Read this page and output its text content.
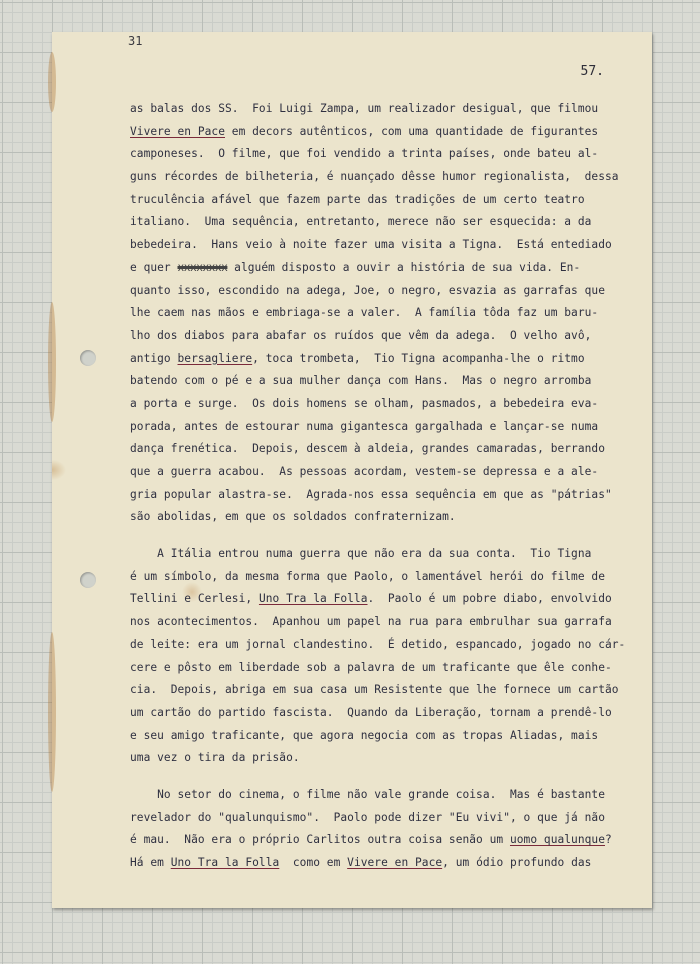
31
57.
as balas dos SS.  Foi Luigi Zampa, um realizador desigual, que filmou
Vivere en Pace em decors autênticos, com uma quantidade de figurantes
camponeses.  O filme, que foi vendido a trinta países, onde bateu al-
guns récordes de bilheteria, é nuançado dêsse humor regionalista,  dessa
truculência afável que fazem parte das tradições de um certo teatro
italiano.  Uma sequência, entretanto, merece não ser esquecida: a da
bebedeira.  Hans veio à noite fazer uma visita a Tigna.  Está entediado
e quer xxxxxxxx alguém disposto a ouvir a história de sua vida. En-
quanto isso, escondido na adega, Joe, o negro, esvazia as garrafas que
lhe caem nas mãos e embriaga-se a valer.  A família tôda faz um baru-
lho dos diabos para abafar os ruídos que vêm da adega.  O velho avô,
antigo bersagliere, toca trombeta,  Tio Tigna acompanha-lhe o ritmo
batendo com o pé e a sua mulher dança com Hans.  Mas o negro arromba
a porta e surge.  Os dois homens se olham, pasmados, a bebedeira eva-
porada, antes de estourar numa gigantesca gargalhada e lançar-se numa
dança frenética.  Depois, descem à aldeia, grandes camaradas, berrando
que a guerra acabou.  As pessoas acordam, vestem-se depressa e a ale-
gria popular alastra-se.  Agrada-nos essa sequência em que as "pátrias"
são abolidas, em que os soldados confraternizam.
A Itália entrou numa guerra que não era da sua conta.  Tio Tigna
é um símbolo, da mesma forma que Paolo, o lamentável herói do filme de
Tellini e Cerlesi, Uno Tra la Folla.  Paolo é um pobre diabo, envolvido
nos acontecimentos.  Apanhou um papel na rua para embrulhar sua garrafa
de leite: era um jornal clandestino.  É detido, espancado, jogado no cár-
cere e pôsto em liberdade sob a palavra de um traficante que êle conhe-
cia.  Depois, abriga em sua casa um Resistente que lhe fornece um cartão
um cartão do partido fascista.  Quando da Liberação, tornam a prendê-lo
e seu amigo traficante, que agora negocia com as tropas Aliadas, mais
uma vez o tira da prisão.
No setor do cinema, o filme não vale grande coisa.  Mas é bastante
revelador do "qualunquismo".  Paolo pode dizer "Eu vivi", o que já não
é mau.  Não era o próprio Carlitos outra coisa senão um uomo qualunque?
Há em Uno Tra la Folla  como em Vivere en Pace, um ódio profundo das
